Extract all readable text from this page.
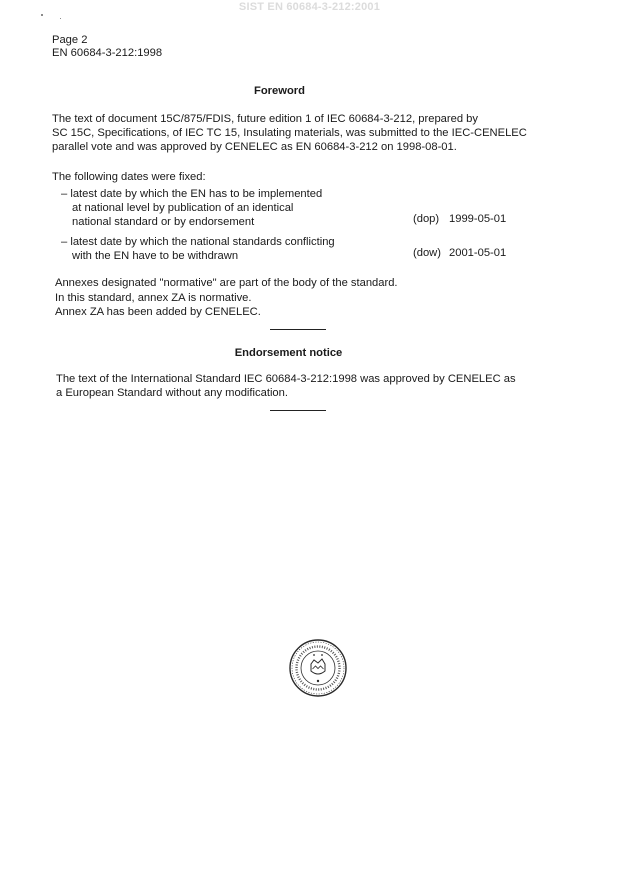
SIST EN 60684-3-212:2001
Page 2
EN 60684-3-212:1998
Foreword
The text of document 15C/875/FDIS, future edition 1 of IEC 60684-3-212, prepared by
SC 15C, Specifications, of IEC TC 15, Insulating materials, was submitted to the IEC-CENELEC
parallel vote and was approved by CENELEC as EN 60684-3-212 on 1998-08-01.
The following dates were fixed:
– latest date by which the EN has to be implemented
at national level by publication of an identical
national standard or by endorsement	(dop) 1999-05-01
– latest date by which the national standards conflicting
with the EN have to be withdrawn	(dow) 2001-05-01
Annexes designated "normative" are part of the body of the standard.
In this standard, annex ZA is normative.
Annex ZA has been added by CENELEC.
Endorsement notice
The text of the International Standard IEC 60684-3-212:1998 was approved by CENELEC as
a European Standard without any modification.
